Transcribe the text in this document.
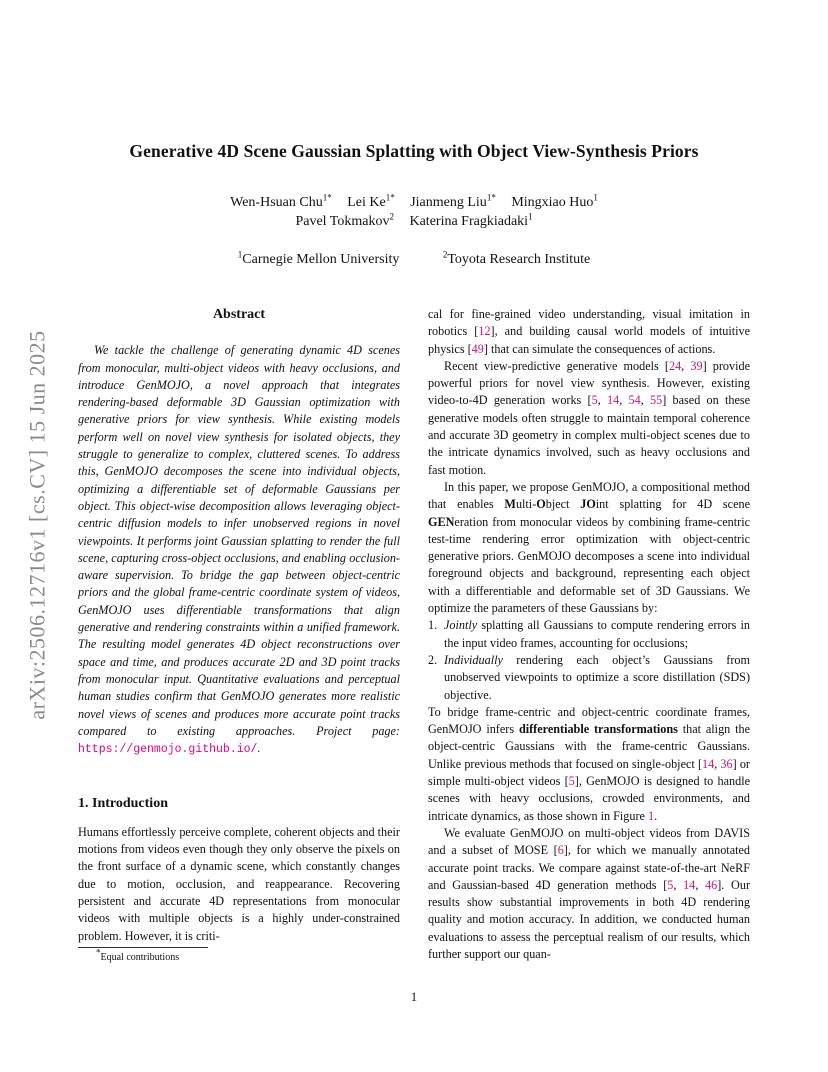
arXiv:2506.12716v1 [cs.CV] 15 Jun 2025
Generative 4D Scene Gaussian Splatting with Object View-Synthesis Priors
Wen-Hsuan Chu$^{1*}$ Lei $Ke^{1*}$ Jianmeng Liu$^{1*}$ Mingxiao Huo$^1$
Pavel Tokmakov$^2$ Katerina Fragkiadaki$^1$
$^1$Carnegie Mellon University	$^2$Toyota Research Institute
Abstract

We tackle the challenge of generating dynamic 4D scenes from monocular, multi-object videos with heavy occlusions, and introduce GenMOJO, a novel approach that integrates rendering-based deformable 3D Gaussian optimization with generative priors for view synthesis. While existing models perform well on novel view synthesis for isolated objects, they struggle to generalize to complex, cluttered scenes. To address this, GenMOJO decomposes the scene into individual objects, optimizing a differentiable set of deformable Gaussians per object. This object-wise decomposition allows leveraging object-centric diffusion models to infer unobserved regions in novel viewpoints. It performs joint Gaussian splatting to render the full scene, capturing cross-object occlusions, and enabling occlusion-aware supervision. To bridge the gap between object-centric priors and the global frame-centric coordinate system of videos, GenMOJO uses differentiable transformations that align generative and rendering constraints within a unified framework. The resulting model generates 4D object reconstructions over space and time, and produces accurate 2D and 3D point tracks from monocular input. Quantitative evaluations and perceptual human studies confirm that GenMOJO generates more realistic novel views of scenes and produces more accurate point tracks compared to existing approaches. Project page: https://genmojo.github.io/.

1. Introduction

Humans effortlessly perceive complete, coherent objects and their motions from videos even though they only observe the pixels on the front surface of a dynamic scene, which constantly changes due to motion, occlusion, and reappearance. Recovering persistent and accurate 4D representations from monocular videos with multiple objects is a highly under-constrained problem. However, it is criti-

cal for fine-grained video understanding, visual imitation in robotics [12], and building causal world models of intuitive physics [49] that can simulate the consequences of actions.

Recent view-predictive generative models [24, 39] provide powerful priors for novel view synthesis. However, existing video-to-4D generation works [5, 14, 54, 55] based on these generative models often struggle to maintain temporal coherence and accurate 3D geometry in complex multi-object scenes due to the intricate dynamics involved, such as heavy occlusions and fast motion.

In this paper, we propose GenMOJO, a compositional method that enables Multi-Object JOint splatting for 4D scene GENeration from monocular videos by combining frame-centric test-time rendering error optimization with object-centric generative priors. GenMOJO decomposes a scene into individual foreground objects and background, representing each object with a differentiable and deformable set of 3D Gaussians. We optimize the parameters of these Gaussians by:

1. Jointly splatting all Gaussians to compute rendering errors in the input video frames, accounting for occlusions;
2. Individually rendering each object’s Gaussians from unobserved viewpoints to optimize a score distillation (SDS) objective.

To bridge frame-centric and object-centric coordinate frames, GenMOJO infers differentiable transformations that align the object-centric Gaussians with the frame-centric Gaussians. Unlike previous methods that focused on single-object [14, 36] or simple multi-object videos [5], GenMOJO is designed to handle scenes with heavy occlusions, crowded environments, and intricate dynamics, as those shown in Figure 1.

We evaluate GenMOJO on multi-object videos from DAVIS and a subset of MOSE [6], for which we manually annotated accurate point tracks. We compare against state-of-the-art NeRF and Gaussian-based 4D generation methods [5, 14, 46]. Our results show substantial improvements in both 4D rendering quality and motion accuracy. In addition, we conducted human evaluations to assess the perceptual realism of our results, which further support our quan-

*Equal contributions
1
